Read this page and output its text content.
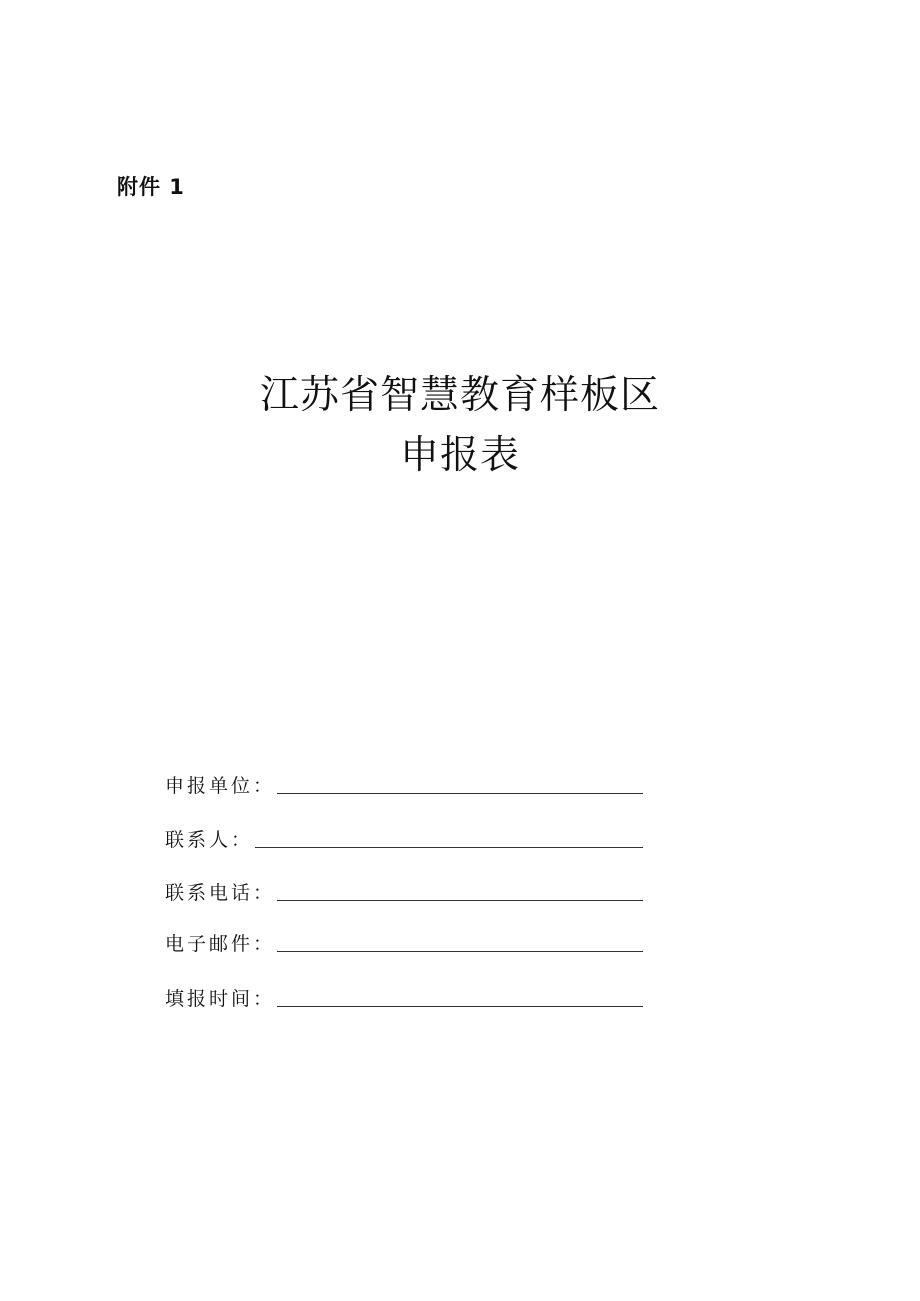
附件 1
江苏省智慧教育样板区
申报表
申报单位：
联系人：
联系电话：
电子邮件：
填报时间：
